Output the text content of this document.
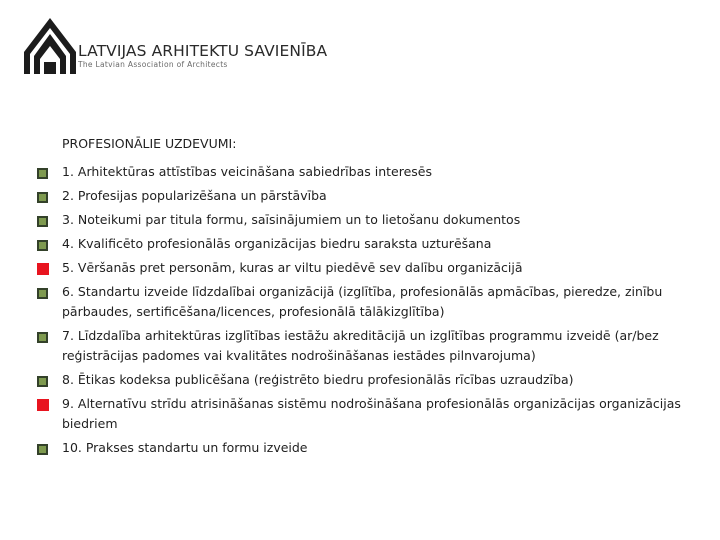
LATVIJAS ARHITEKTU SAVIENĪBA
The Latvian Association of Architects
PROFESIONĀLIE UZDEVUMI:
1. Arhitektūras attīstības veicināšana sabiedrības interesēs
2. Profesijas popularizēšana un pārstāvība
3. Noteikumi par titula formu, saīsinājumiem un to lietošanu dokumentos
4. Kvalificēto profesionālās organizācijas biedru saraksta uzturēšana
5. Vēršanās pret personām, kuras ar viltu piedēvē sev dalību organizācijā
6. Standartu izveide līdzdalībai organizācijā (izglītība, profesionālās apmācības, pieredze, zinību pārbaudes, sertificēšana/licences, profesionālā tālākizglītība)
7. Līdzdalība arhitektūras izglītības iestāžu akreditācijā un izglītības programmu izveidē (ar/bez reģistrācijas padomes vai kvalitātes nodrošināšanas iestādes pilnvarojuma)
8. Ētikas kodeksa publicēšana (reģistrēto biedru profesionālās rīcības uzraudzība)
9. Alternatīvu strīdu atrisināšanas sistēmu nodrošināšana profesionālās organizācijas organizācijas biedriem
10. Prakses standartu un formu izveide
